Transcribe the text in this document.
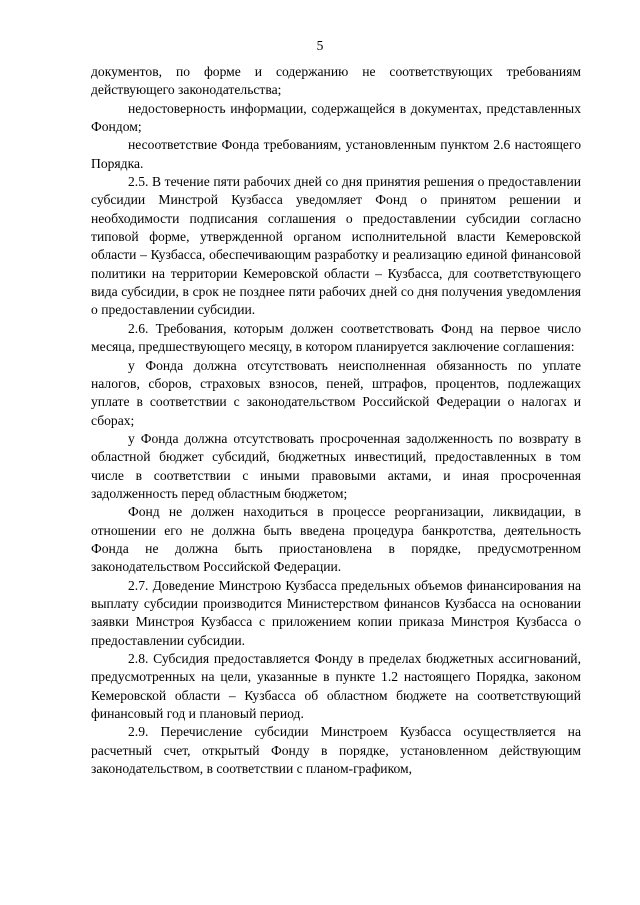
5

документов, по форме и содержанию не соответствующих требованиям действующего законодательства;

недостоверность информации, содержащейся в документах, представленных Фондом;

несоответствие Фонда требованиям, установленным пунктом 2.6 настоящего Порядка.

2.5. В течение пяти рабочих дней со дня принятия решения о предоставлении субсидии Минстрой Кузбасса уведомляет Фонд о принятом решении и необходимости подписания соглашения о предоставлении субсидии согласно типовой форме, утвержденной органом исполнительной власти Кемеровской области – Кузбасса, обеспечивающим разработку и реализацию единой финансовой политики на территории Кемеровской области – Кузбасса, для соответствующего вида субсидии, в срок не позднее пяти рабочих дней со дня получения уведомления о предоставлении субсидии.

2.6. Требования, которым должен соответствовать Фонд на первое число месяца, предшествующего месяцу, в котором планируется заключение соглашения:

у Фонда должна отсутствовать неисполненная обязанность по уплате налогов, сборов, страховых взносов, пеней, штрафов, процентов, подлежащих уплате в соответствии с законодательством Российской Федерации о налогах и сборах;

у Фонда должна отсутствовать просроченная задолженность по возврату в областной бюджет субсидий, бюджетных инвестиций, предоставленных в том числе в соответствии с иными правовыми актами, и иная просроченная задолженность перед областным бюджетом;

Фонд не должен находиться в процессе реорганизации, ликвидации, в отношении его не должна быть введена процедура банкротства, деятельность Фонда не должна быть приостановлена в порядке, предусмотренном законодательством Российской Федерации.

2.7. Доведение Минстрою Кузбасса предельных объемов финансирования на выплату субсидии производится Министерством финансов Кузбасса на основании заявки Минстроя Кузбасса с приложением копии приказа Минстроя Кузбасса о предоставлении субсидии.

2.8. Субсидия предоставляется Фонду в пределах бюджетных ассигнований, предусмотренных на цели, указанные в пункте 1.2 настоящего Порядка, законом Кемеровской области – Кузбасса об областном бюджете на соответствующий финансовый год и плановый период.

2.9. Перечисление субсидии Минстроем Кузбасса осуществляется на расчетный счет, открытый Фонду в порядке, установленном действующим законодательством, в соответствии с планом-графиком,
